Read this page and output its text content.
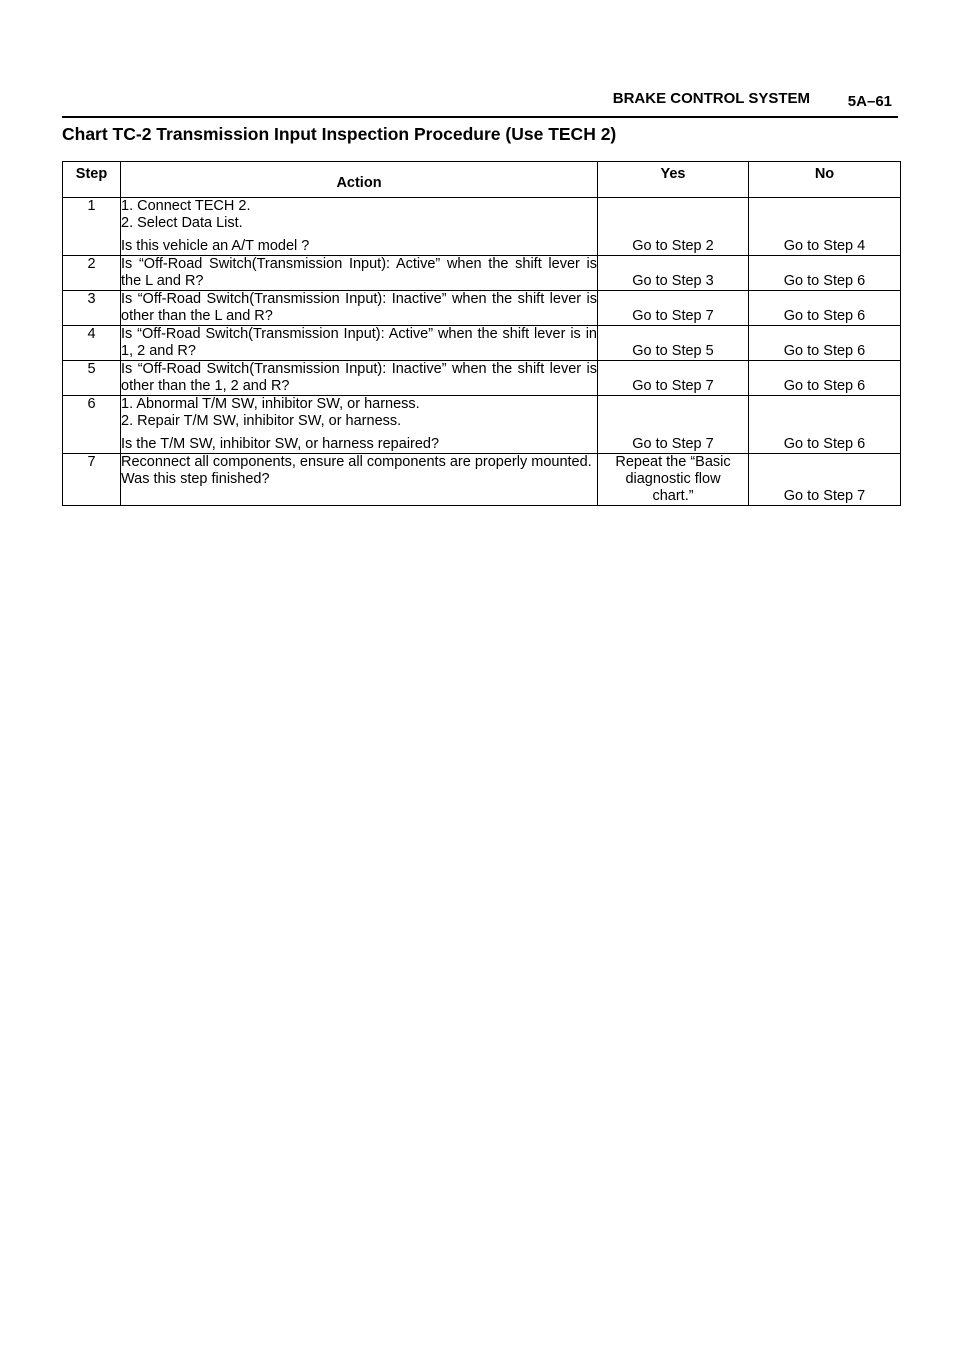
BRAKE CONTROL SYSTEM	5A–61
Chart TC-2 Transmission Input Inspection Procedure (Use TECH 2)
Step	Action	Yes	No
1	1. Connect TECH 2.
2. Select Data List.
Is this vehicle an A/T model ?	Go to Step 2	Go to Step 4
2	Is “Off-Road Switch(Transmission Input): Active” when the shift lever is the L and R?	Go to Step 3	Go to Step 6
3	Is “Off-Road Switch(Transmission Input): Inactive” when the shift lever is other than the L and R?	Go to Step 7	Go to Step 6
4	Is “Off-Road Switch(Transmission Input): Active” when the shift lever is in 1, 2 and R?	Go to Step 5	Go to Step 6
5	Is “Off-Road Switch(Transmission Input): Inactive” when the shift lever is other than the 1, 2 and R?	Go to Step 7	Go to Step 6
6	1. Abnormal T/M SW, inhibitor SW, or harness.
2. Repair T/M SW, inhibitor SW, or harness.
Is the T/M SW, inhibitor SW, or harness repaired?	Go to Step 7	Go to Step 6
7	Reconnect all components, ensure all components are properly mounted.
Was this step finished?	Repeat the “Basic diagnostic flow chart.”	Go to Step 7
